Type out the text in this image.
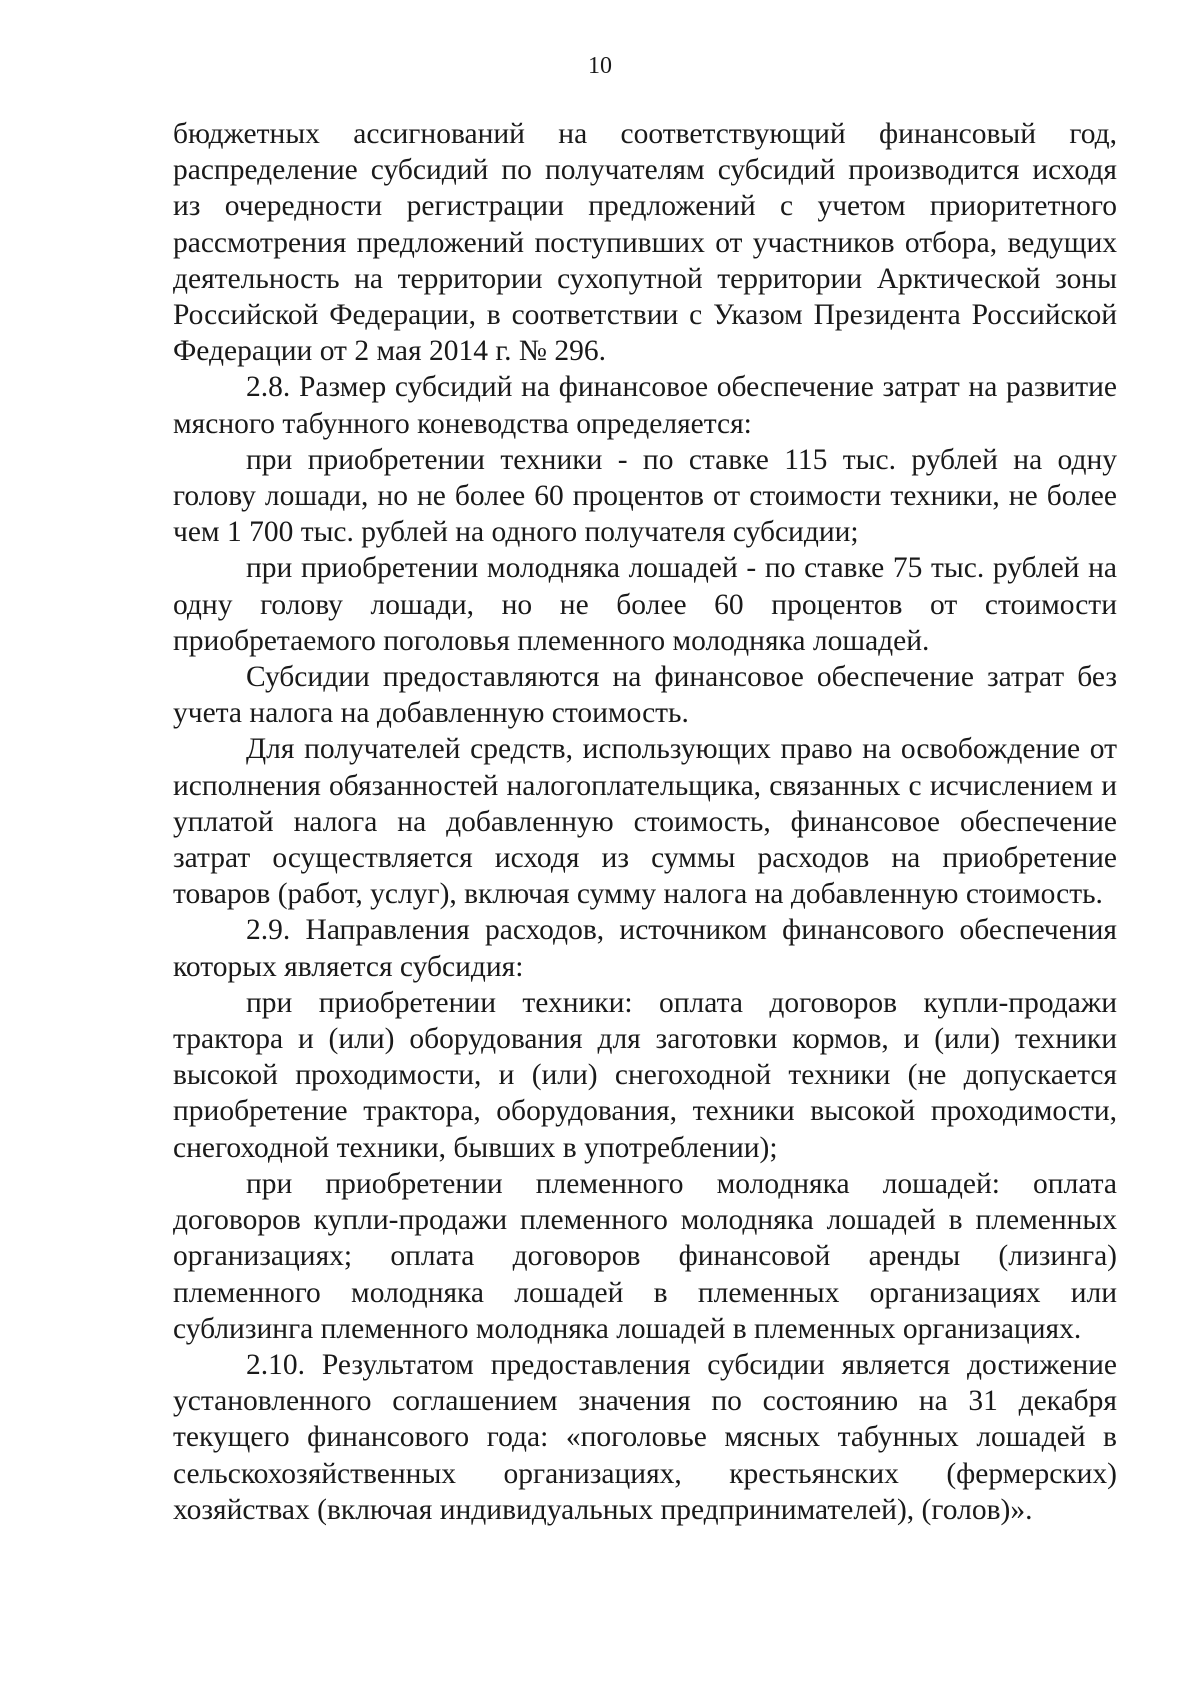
10

бюджетных ассигнований на соответствующий финансовый год, распределение субсидий по получателям субсидий производится исходя из очередности регистрации предложений с учетом приоритетного рассмотрения предложений поступивших от участников отбора, ведущих деятельность на территории сухопутной территории Арктической зоны Российской Федерации, в соответствии с Указом Президента Российской Федерации от 2 мая 2014 г. № 296.

2.8. Размер субсидий на финансовое обеспечение затрат на развитие мясного табунного коневодства определяется:

при приобретении техники - по ставке 115 тыс. рублей на одну голову лошади, но не более 60 процентов от стоимости техники, не более чем 1 700 тыс. рублей на одного получателя субсидии;

при приобретении молодняка лошадей - по ставке 75 тыс. рублей на одну голову лошади, но не более 60 процентов от стоимости приобретаемого поголовья племенного молодняка лошадей.

Субсидии предоставляются на финансовое обеспечение затрат без учета налога на добавленную стоимость.

Для получателей средств, использующих право на освобождение от исполнения обязанностей налогоплательщика, связанных с исчислением и уплатой налога на добавленную стоимость, финансовое обеспечение затрат осуществляется исходя из суммы расходов на приобретение товаров (работ, услуг), включая сумму налога на добавленную стоимость.

2.9. Направления расходов, источником финансового обеспечения которых является субсидия:

при приобретении техники: оплата договоров купли-продажи трактора и (или) оборудования для заготовки кормов, и (или) техники высокой проходимости, и (или) снегоходной техники (не допускается приобретение трактора, оборудования, техники высокой проходимости, снегоходной техники, бывших в употреблении);

при приобретении племенного молодняка лошадей: оплата договоров купли-продажи племенного молодняка лошадей в племенных организациях; оплата договоров финансовой аренды (лизинга) племенного молодняка лошадей в племенных организациях или сублизинга племенного молодняка лошадей в племенных организациях.

2.10. Результатом предоставления субсидии является достижение установленного соглашением значения по состоянию на 31 декабря текущего финансового года: «поголовье мясных табунных лошадей в сельскохозяйственных организациях, крестьянских (фермерских) хозяйствах (включая индивидуальных предпринимателей), (голов)».
